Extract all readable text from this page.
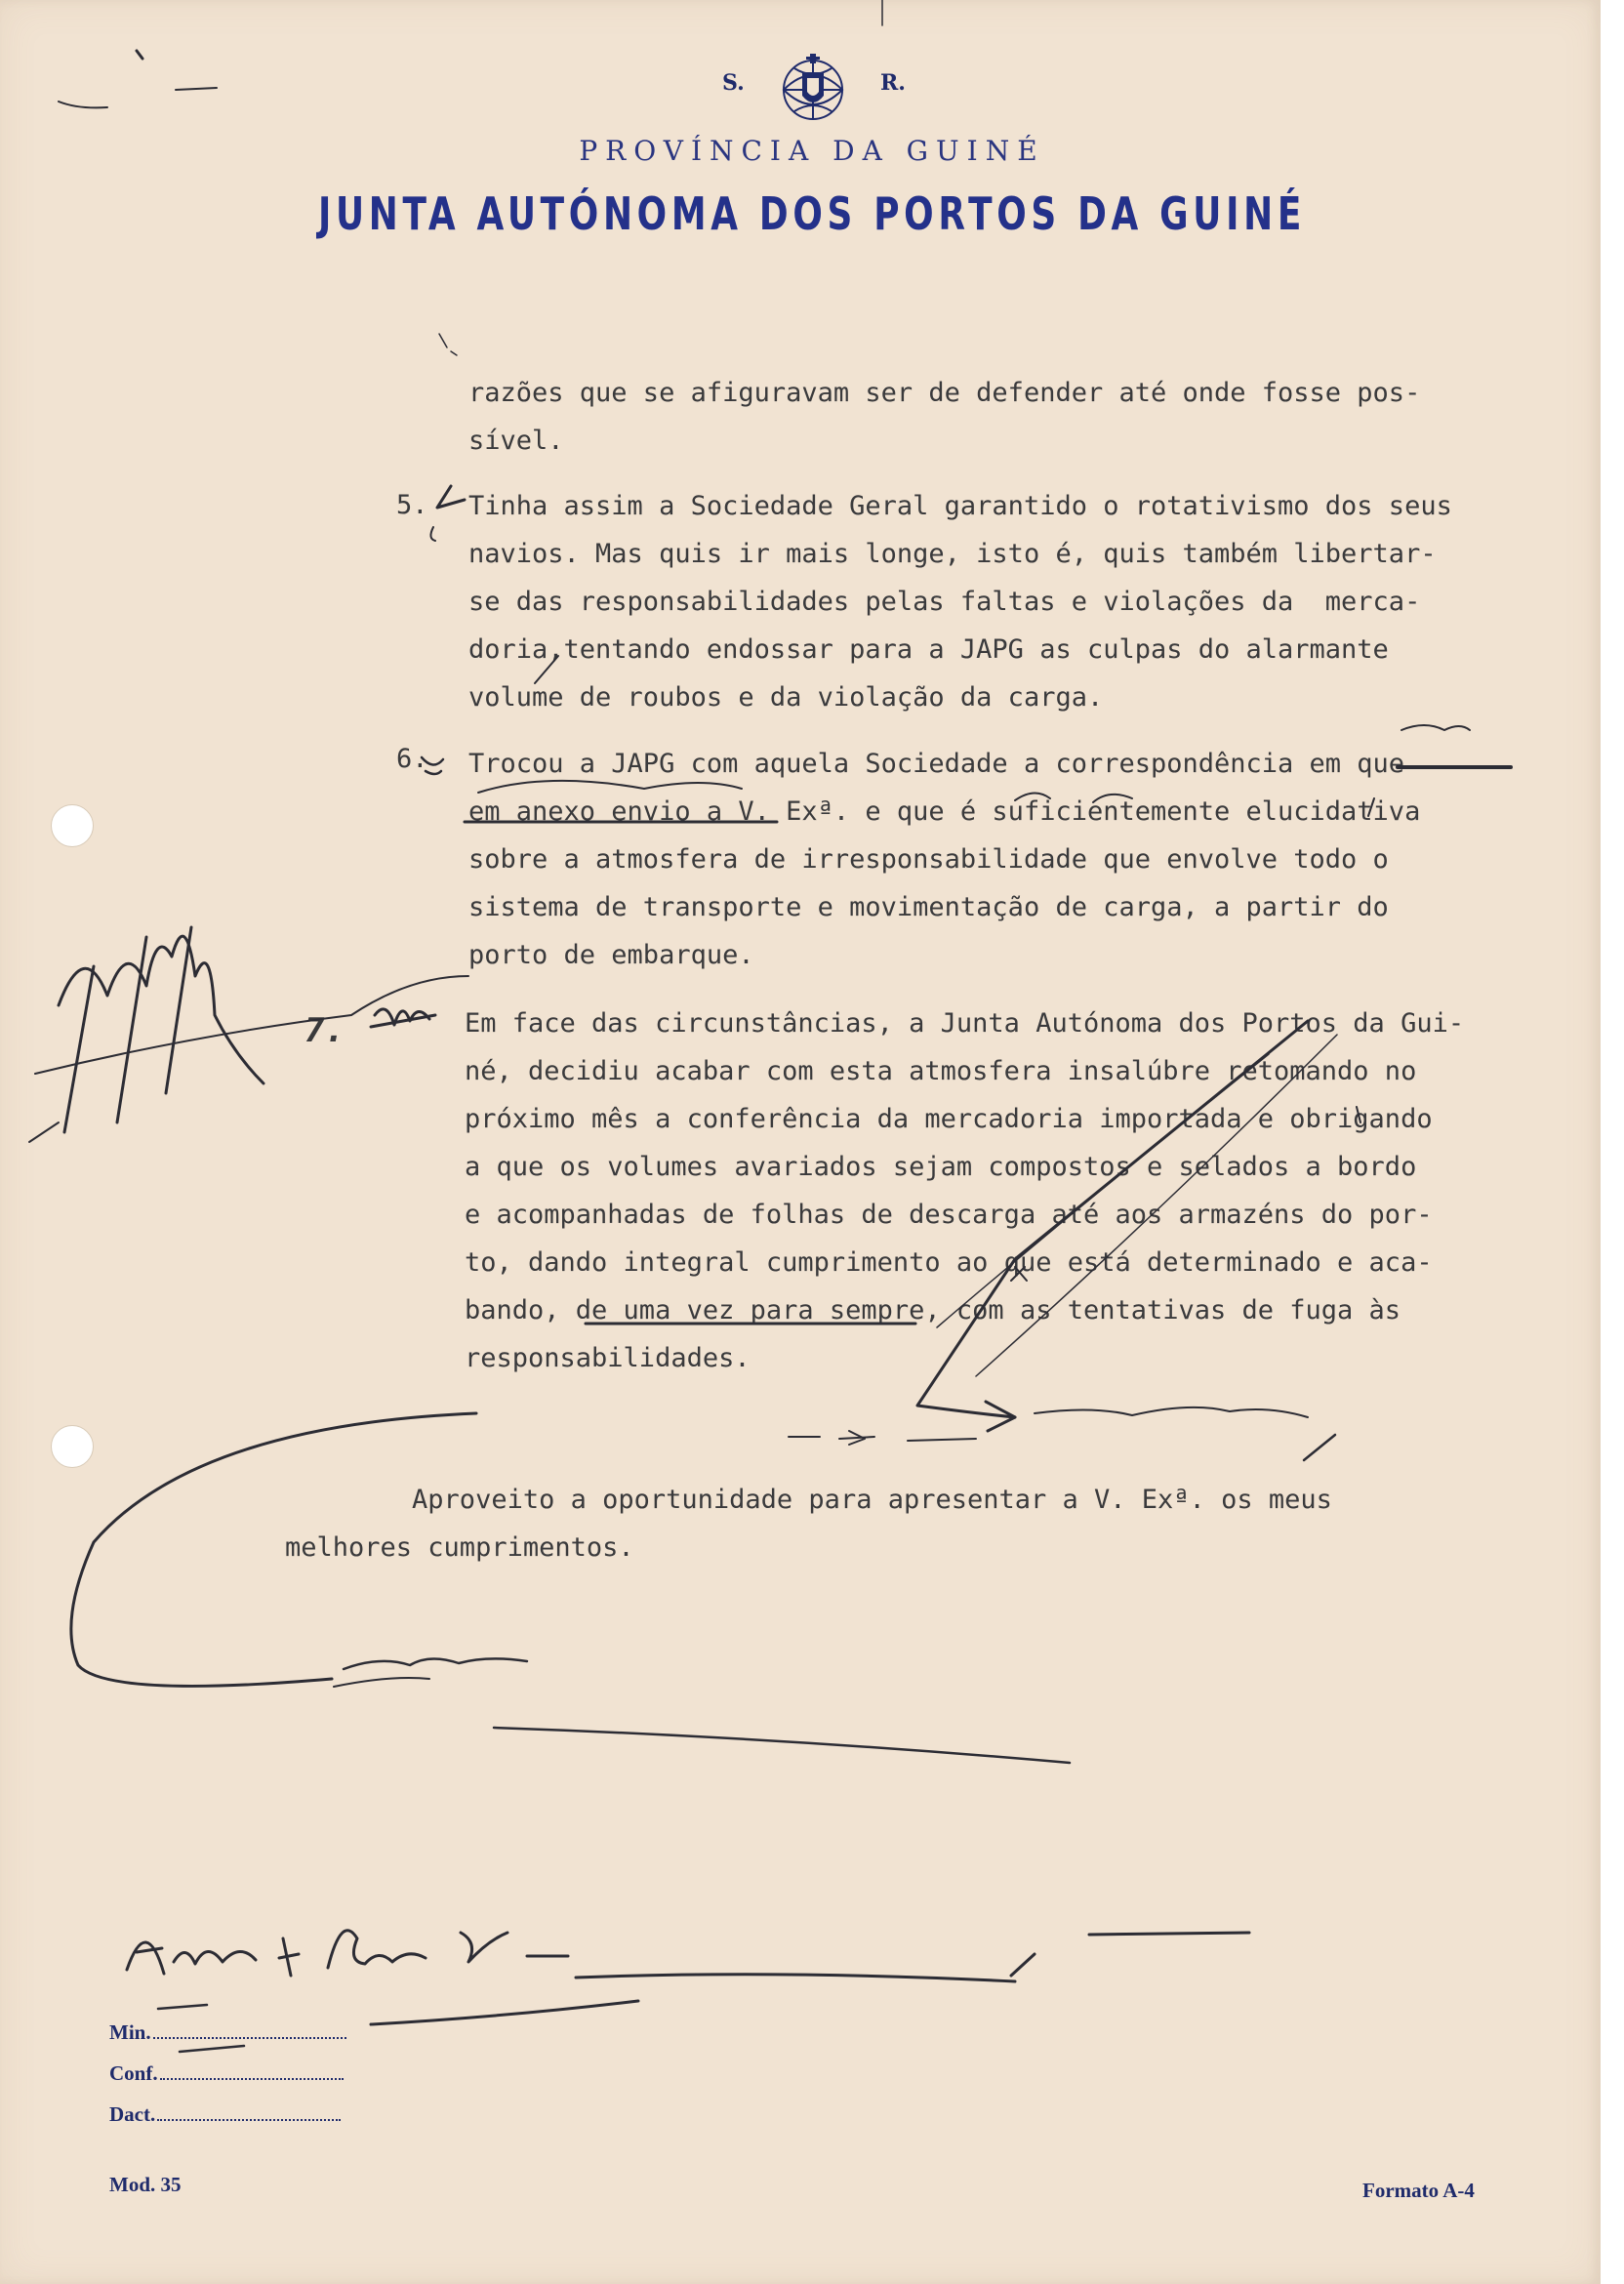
S.	R.
PROVÍNCIA DA GUINÉ
JUNTA AUTÓNOMA DOS PORTOS DA GUINÉ
razões que se afiguravam ser de defender até onde fosse pos-
sível.
5. Tinha assim a Sociedade Geral garantido o rotativismo dos seus
navios. Mas quis ir mais longe, isto é, quis também libertar-
se das responsabilidades pelas faltas e violações da  merca-
doria,tentando endossar para a JAPG as culpas do alarmante
volume de roubos e da violação da carga.
6. Trocou a JAPG com aquela Sociedade a correspondência em que
em anexo envio a V. Exª. e que é suficientemente elucidativa
sobre a atmosfera de irresponsabilidade que envolve todo o
sistema de transporte e movimentação de carga, a partir do
porto de embarque.
7.	Em face das circunstâncias, a Junta Autónoma dos Portos da Gui-
né, decidiu acabar com esta atmosfera insalúbre retomando no
próximo mês a conferência da mercadoria importada e obrigando
a que os volumes avariados sejam compostos e selados a bordo
e acompanhadas de folhas de descarga até aos armazéns do por-
to, dando integral cumprimento ao que está determinado e aca-
bando, de uma vez para sempre, com as tentativas de fuga às
responsabilidades.
Aproveito a oportunidade para apresentar a V. Exª. os meus
melhores cumprimentos.
Min.
Conf.
Dact.
Mod. 35	Formato A-4
